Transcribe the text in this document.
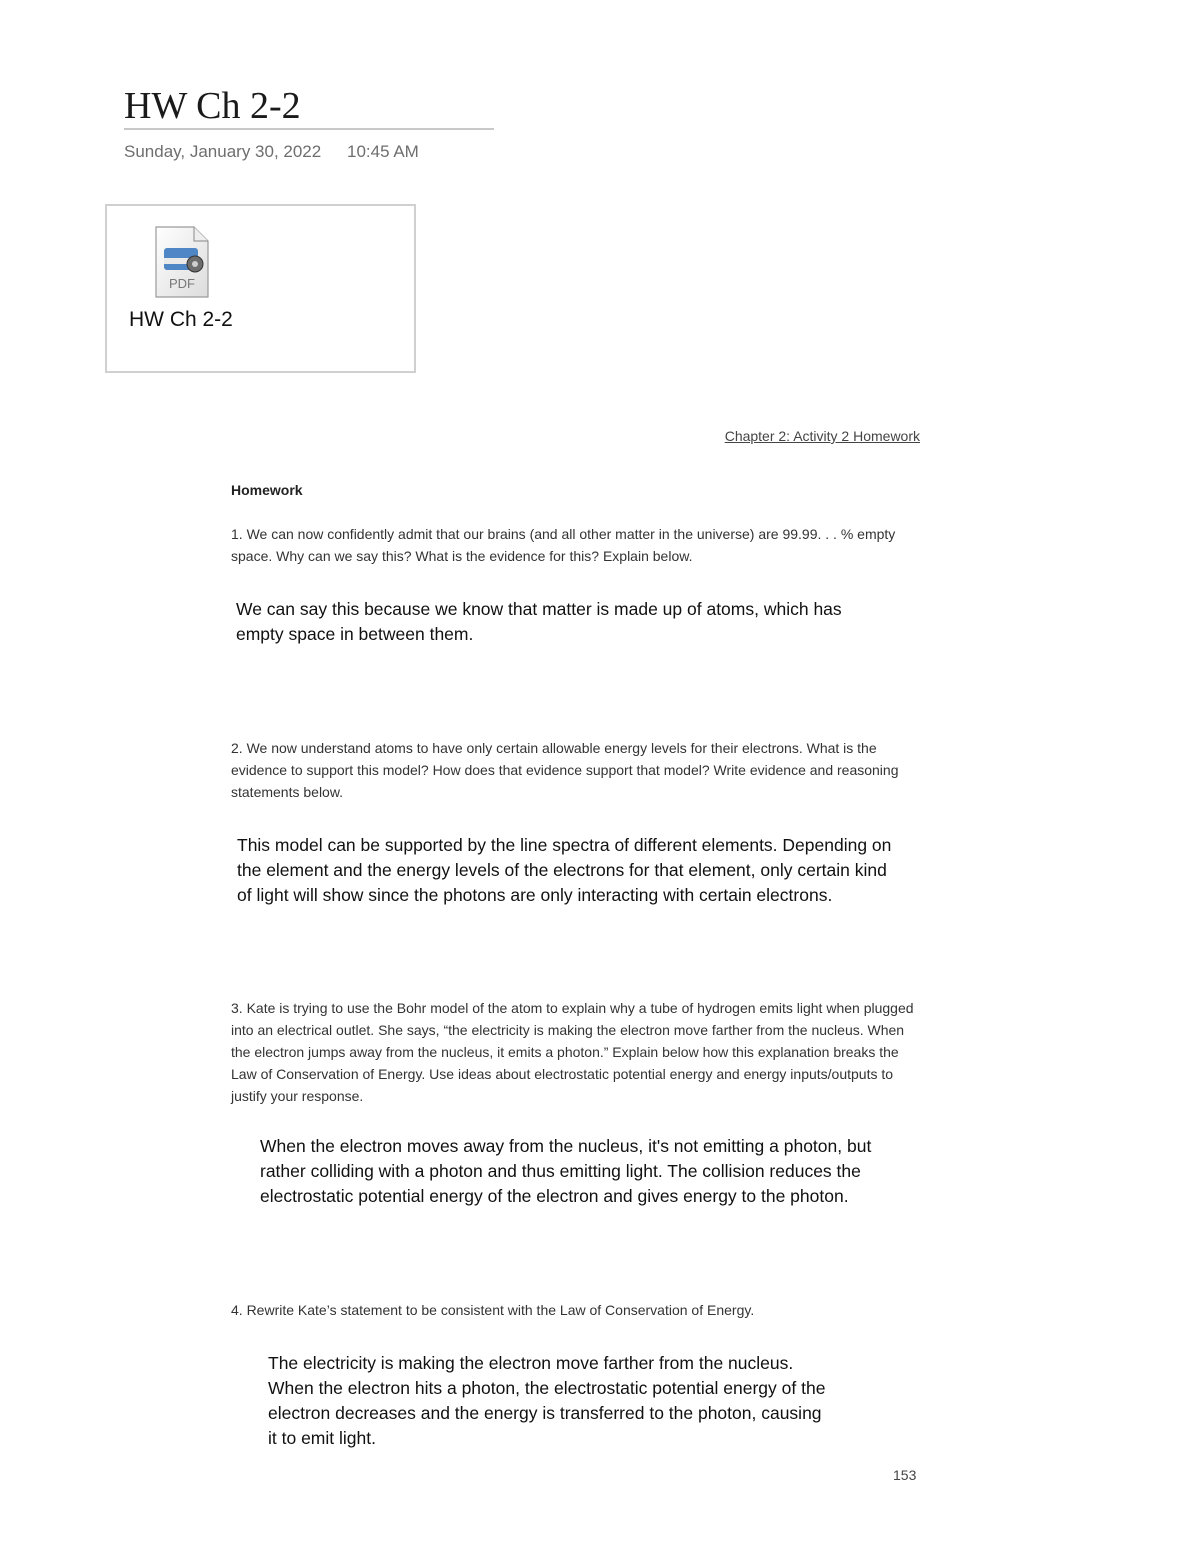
HW Ch 2-2
Sunday, January 30, 2022 10:45 AM
PDF
HW Ch 2-2
Chapter 2: Activity 2 Homework
Homework

1. We can now confidently admit that our brains (and all other matter in the universe) are 99.99. . . % empty space. Why can we say this? What is the evidence for this? Explain below.

We can say this because we know that matter is made up of atoms, which has empty space in between them.

2. We now understand atoms to have only certain allowable energy levels for their electrons. What is the evidence to support this model? How does that evidence support that model? Write evidence and reasoning statements below.

This model can be supported by the line spectra of different elements. Depending on the element and the energy levels of the electrons for that element, only certain kind of light will show since the photons are only interacting with certain electrons.

3. Kate is trying to use the Bohr model of the atom to explain why a tube of hydrogen emits light when plugged into an electrical outlet. She says, “the electricity is making the electron move farther from the nucleus. When the electron jumps away from the nucleus, it emits a photon.” Explain below how this explanation breaks the Law of Conservation of Energy. Use ideas about electrostatic potential energy and energy inputs/outputs to justify your response.

When the electron moves away from the nucleus, it's not emitting a photon, but rather colliding with a photon and thus emitting light. The collision reduces the electrostatic potential energy of the electron and gives energy to the photon.

4. Rewrite Kate’s statement to be consistent with the Law of Conservation of Energy.

The electricity is making the electron move farther from the nucleus. When the electron hits a photon, the electrostatic potential energy of the electron decreases and the energy is transferred to the photon, causing it to emit light.

153
